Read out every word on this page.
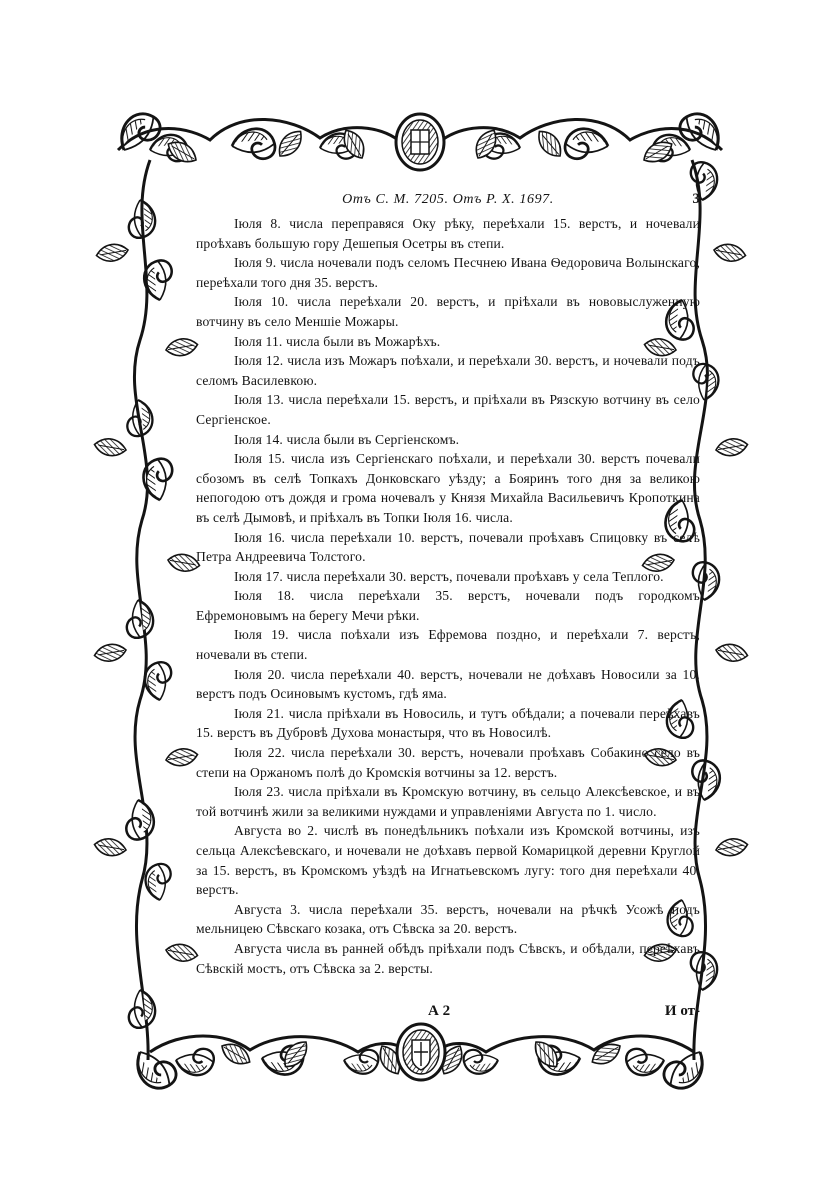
Отъ С. М. 7205. Отъ Р. Х. 1697.	3

Іюля 8. числа переправяся Оку рѣку, переѣхали 15. верстъ, и ночевали проѣхавъ большую гору Дешепыя Осетры въ степи.

Іюля 9. числа ночевали подъ селомъ Песчнею Ивана Ѳедоровича Волынскаго, переѣхали того дня 35. верстъ.

Іюля 10. числа переѣхали 20. верстъ, и пріѣхали въ нововыслуженную вотчину въ село Меншіе Можары.

Іюля 11. числа были въ Можарѣхъ.

Іюля 12. числа изъ Можаръ поѣхали, и переѣхали 30. верстъ, и ночевали подъ селомъ Василевкою.

Іюля 13. числа переѣхали 15. верстъ, и пріѣхали въ Рязскую вотчину въ село Сергіенское.

Іюля 14. числа были въ Сергіенскомъ.

Іюля 15. числа изъ Сергіенскаго поѣхали, и переѣхали 30. верстъ почевали сбозомъ въ селѣ Топкахъ Донковскаго уѣзду; а Бояринъ того дня за великою непогодою отъ дождя и грома ночевалъ у Князя Михайла Васильевичъ Кропоткина въ селѣ Дымовѣ, и пріѣхалъ въ Топки Іюля 16. числа.

Іюля 16. числа переѣхали 10. верстъ, почевали проѣхавъ Спицовку въ селѣ Петра Андреевича Толстого.

Іюля 17. числа переѣхали 30. верстъ, почевали проѣхавъ у села Теплого.

Іюля 18. числа переѣхали 35. верстъ, ночевали подъ городкомъ Ефремоновымъ на берегу Мечи рѣки.

Іюля 19. числа поѣхали изъ Ефремова поздно, и переѣхали 7. верстъ, ночевали въ степи.

Іюля 20. числа переѣхали 40. верстъ, ночевали не доѣхавъ Новосили за 10. верстъ подъ Осиновымъ кустомъ, гдѣ яма.

Іюля 21. числа пріѣхали въ Новосиль, и тутъ обѣдали; а почевали переѣхавъ 15. верстъ въ Дубровѣ Духова монастыря, что въ Новосилѣ.

Іюля 22. числа переѣхали 30. верстъ, ночевали проѣхавъ Собакино село въ степи на Оржаномъ полѣ до Кромскія вотчины за 12. верстъ.

Іюля 23. числа пріѣхали въ Кромскую вотчину, въ сельцо Алексѣевское, и въ той вотчинѣ жили за великими нуждами и управленіями Августа по 1. число.

Августа во 2. числѣ въ понедѣльникъ поѣхали изъ Кромской вотчины, изъ сельца Алексѣевскаго, и ночевали не доѣхавъ первой Комарицкой деревни Круглой за 15. верстъ, въ Кромскомъ уѣздѣ на Игнатьевскомъ лугу: того дня переѣхали 40. верстъ.

Августа 3. числа переѣхали 35. верстъ, ночевали на рѣчкѣ Усожѣ подъ мельницею Сѣвскаго козака, отъ Сѣвска за 20. верстъ.

Августа числа въ ранней обѣдъ пріѣхали подъ Сѣвскъ, и обѣдали, переѣхавъ Сѣвскій мостъ, отъ Сѣвска за 2. версты.

А 2	И от-
